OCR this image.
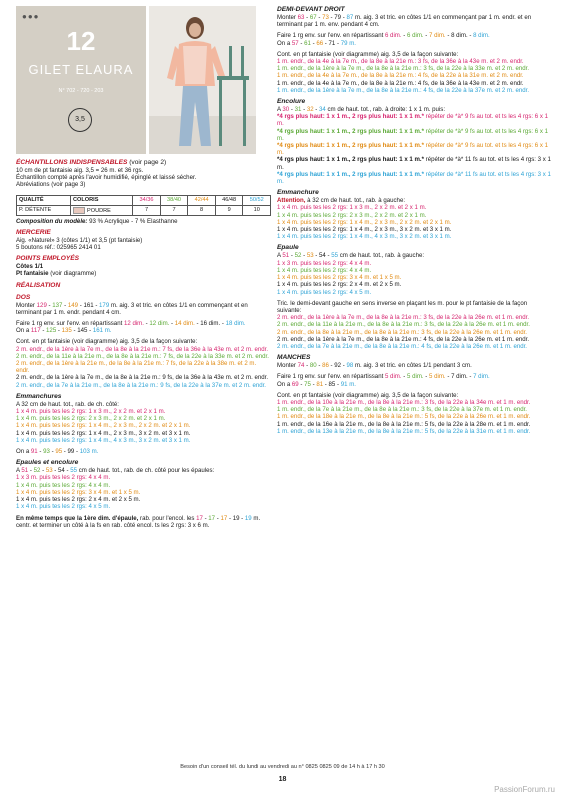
●●●
12
GILET ELAURA
N° 702 - 720 - 203
3,5

ÉCHANTILLONS INDISPENSABLES (voir page 2)

10 cm de pt fantaisie aig. 3,5 = 26 m. et 36 rgs.

Échantillon compté après l'avoir humidifié, épinglé et laissé sécher.

Abréviations (voir page 3)

QUALITÉ	COLORIS	34/36	38/40	42/44	46/48	50/52
P. DÉTENTE	POUDRE	7	7	8	9	10

Composition du modèle: 93 % Acrylique - 7 % Elasthanne

MERCERIE

Aig. «Naturel» 3 (côtes 1/1) et 3,5 (pt fantaisie)

5 boutons réf.: 025965 2414 01

POINTS EMPLOYÉS

Côtes 1/1

Pt fantaisie (voir diagramme)

RÉALISATION

DOS

Monter 129 - 137 - 149 - 161 - 179 m. aig. 3 et tric. en côtes 1/1 en commençant et en terminant par 1 m. endr. pendant 4 cm.

Faire 1 rg env. sur l'env. en répartissant 12 dim. - 12 dim. - 14 dim. - 16 dim. - 18 dim.

On a 117 - 125 - 135 - 145 - 161 m.

Cont. en pt fantaisie (voir diagramme) aig. 3,5 de la façon suivante:

2 m. endr., de la 1ère à la 7e m., de la 8e à la 21e m.: 7 fs, de la 36e à la 43e m. et 2 m. endr.

2 m. endr., de la 11e à la 21e m., de la 8e à la 21e m.: 7 fs, de la 22e à la 33e m. et 2 m. endr.

2 m. endr., de la 1ère à la 21e m., de la 8e à la 21e m.: 7 fs, de la 22e à la 38e m. et 2 m. endr.

2 m. endr., de la 1ère à la 7e m., de la 8e à la 21e m.: 9 fs, de la 36e à la 43e m. et 2 m. endr.

2 m. endr., de la 7e à la 21e m., de la 8e à la 21e m.: 9 fs, de la 22e à la 37e m. et 2 m. endr.

Emmanchures

A 32 cm de haut. tot., rab. de ch. côté:

1 x 4 m. puis tes les 2 rgs: 1 x 3 m., 2 x 2 m. et 2 x 1 m.

1 x 4 m. puis tes les 2 rgs: 2 x 3 m., 2 x 2 m. et 2 x 1 m.

1 x 4 m. puis tes les 2 rgs: 1 x 4 m., 2 x 3 m., 2 x 2 m. et 2 x 1 m.

1 x 4 m. puis tes les 2 rgs: 1 x 4 m., 2 x 3 m., 3 x 2 m. et 3 x 1 m.

1 x 4 m. puis tes les 2 rgs: 1 x 4 m., 4 x 3 m., 3 x 2 m. et 3 x 1 m.

On a 91 - 93 - 95 - 99 - 103 m.

Epaules et encolure

A 51 - 52 - 53 - 54 - 55 cm de haut. tot., rab. de ch. côté pour les épaules:

1 x 3 m. puis tes les 2 rgs: 4 x 4 m.

1 x 4 m. puis tes les 2 rgs: 4 x 4 m.

1 x 4 m. puis tes les 2 rgs: 3 x 4 m. et 1 x 5 m.

1 x 4 m. puis tes les 2 rgs: 2 x 4 m. et 2 x 5 m.

1 x 4 m. puis tes les 2 rgs: 4 x 5 m.

En même temps que la 1ère dim. d'épaule, rab. pour l'encol. les 17 - 17 - 17 - 19 - 19 m. centr. et terminer un côté à la fs en rab. côté encol. ts les 2 rgs: 3 x 6 m.

DEMI-DEVANT DROIT

Monter 63 - 67 - 73 - 79 - 87 m. aig. 3 et tric. en côtes 1/1 en commençant par 1 m. endr. et en terminant par 1 m. env. pendant 4 cm.

Faire 1 rg env. sur l'env. en répartissant 6 dim. - 6 dim. - 7 dim. - 8 dim. - 8 dim.

On a 57 - 61 - 66 - 71 - 79 m.

Cont. en pt fantaisie (voir diagramme) aig. 3,5 de la façon suivante:

1 m. endr., de la 4e à la 7e m., de la 8e à la 21e m.: 3 fs, de la 36e à la 43e m. et 2 m. endr.

1 m. endr., de la 1ère à la 7e m., de la 8e à la 21e m.: 3 fs, de la 22e à la 33e m. et 2 m. endr.

1 m. endr., de la 4e à la 7e m., de la 8e à la 21e m.: 4 fs, de la 22e à la 31e m. et 2 m. endr.

1 m. endr., de la 4e à la 7e m., de la 8e à la 21e m.: 4 fs, de la 36e à la 43e m. et 2 m. endr.

1 m. endr., de la 1ère à la 7e m., de la 8e à la 21e m.: 4 fs, de la 22e à la 37e m. et 2 m. endr.

Encolure

A 30 - 31 - 32 - 34 cm de haut. tot., rab. à droite: 1 x 1 m. puis:

*4 rgs plus haut: 1 x 1 m., 2 rgs plus haut: 1 x 1 m.* répéter de *à* 9 fs au tot. et ts les 4 rgs: 6 x 1 m.

*4 rgs plus haut: 1 x 1 m., 2 rgs plus haut: 1 x 1 m.* répéter de *à* 9 fs au tot. et ts les 4 rgs: 6 x 1 m.

*4 rgs plus haut: 1 x 1 m., 2 rgs plus haut: 1 x 1 m.* répéter de *à* 9 fs au tot. et ts les 4 rgs: 6 x 1 m.

*4 rgs plus haut: 1 x 1 m., 2 rgs plus haut: 1 x 1 m.* répéter de *à* 11 fs au tot. et ts les 4 rgs: 3 x 1 m.

*4 rgs plus haut: 1 x 1 m., 2 rgs plus haut: 1 x 1 m.* répéter de *à* 11 fs au tot. et ts les 4 rgs: 3 x 1 m.

Emmanchure

Attention, à 32 cm de haut. tot., rab. à gauche:

1 x 4 m. puis tes les 2 rgs: 1 x 3 m., 2 x 2 m. et 2 x 1 m.

1 x 4 m. puis tes les 2 rgs: 2 x 3 m., 2 x 2 m. et 2 x 1 m.

1 x 4 m. puis tes les 2 rgs: 1 x 4 m., 2 x 3 m., 2 x 2 m. et 2 x 1 m.

1 x 4 m. puis tes les 2 rgs: 1 x 4 m., 2 x 3 m., 3 x 2 m. et 3 x 1 m.

1 x 4 m. puis tes les 2 rgs: 1 x 4 m., 4 x 3 m., 3 x 2 m. et 3 x 1 m.

Epaule

A 51 - 52 - 53 - 54 - 55 cm de haut. tot., rab. à gauche:

1 x 3 m. puis tes les 2 rgs: 4 x 4 m.

1 x 4 m. puis tes les 2 rgs: 4 x 4 m.

1 x 4 m. puis tes les 2 rgs: 3 x 4 m. et 1 x 5 m.

1 x 4 m. puis tes les 2 rgs: 2 x 4 m. et 2 x 5 m.

1 x 4 m. puis tes les 2 rgs: 4 x 5 m.

Tric. le demi-devant gauche en sens inverse en plaçant les m. pour le pt fantaisie de la façon suivante:

2 m. endr., de la 1ère à la 7e m., de la 8e à la 21e m.: 3 fs, de la 22e à la 26e m. et 1 m. endr.

2 m. endr., de la 11e à la 21e m., de la 8e à la 21e m.: 3 fs, de la 22e à la 26e m. et 1 m. endr.

2 m. endr., de la 8e à la 21e m., de la 8e à la 21e m.: 3 fs, de la 22e à la 26e m. et 1 m. endr.

2 m. endr., de la 1ère à la 7e m., de la 8e à la 21e m.: 4 fs, de la 22e à la 26e m. et 1 m. endr.

2 m. endr., de la 7e à la 21e m., de la 8e à la 21e m.: 4 fs, de la 22e à la 26e m. et 1 m. endr.

MANCHES

Monter 74 - 80 - 86 - 92 - 98 m. aig. 3 et tric. en côtes 1/1 pendant 3 cm.

Faire 1 rg env. sur l'env. en répartissant 5 dim. - 5 dim. - 5 dim. - 7 dim. - 7 dim.

On a 69 - 75 - 81 - 85 - 91 m.

Cont. en pt fantaisie (voir diagramme) aig. 3,5 de la façon suivante:

1 m. endr., de la 10e à la 21e m., de la 8e à la 21e m.: 3 fs, de la 22e à la 34e m. et 1 m. endr.

1 m. endr., de la 7e à la 21e m., de la 8e à la 21e m.: 3 fs, de la 22e à la 37e m. et 1 m. endr.

1 m. endr., de la 18e à la 21e m., de la 8e à la 21e m.: 5 fs, de la 22e à la 26e m. et 1 m. endr.

1 m. endr., de la 16e à la 21e m., de la 8e à la 21e m.: 5 fs, de la 22e à la 28e m. et 1 m. endr.

1 m. endr., de la 13e à la 21e m., de la 8e à la 21e m.: 5 fs, de la 22e à la 31e m. et 1 m. endr.

Besoin d'un conseil tél. du lundi au vendredi au n° 0825 0825 09 de 14 h à 17 h 30
18
PassionForum.ru
